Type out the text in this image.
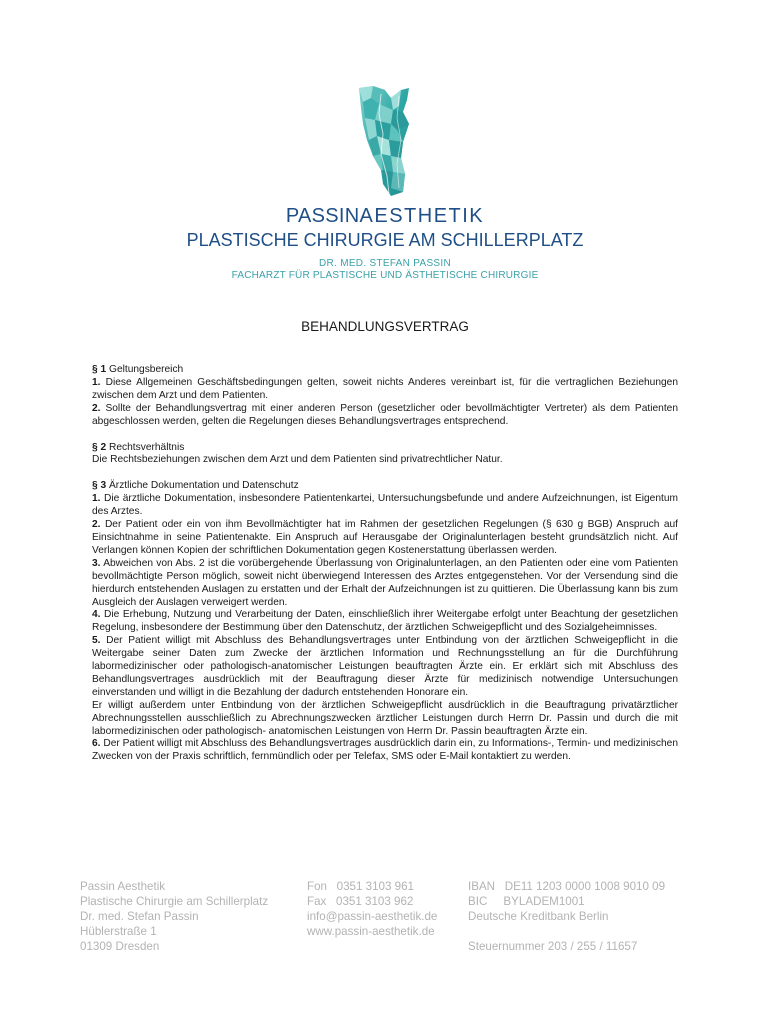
PASSINAESTHETIK
PLASTISCHE CHIRURGIE AM SCHILLERPLATZ
DR. MED. STEFAN PASSIN
FACHARZT FÜR PLASTISCHE UND ÄSTHETISCHE CHIRURGIE
BEHANDLUNGSVERTRAG

§ 1 Geltungsbereich

1. Diese Allgemeinen Geschäftsbedingungen gelten, soweit nichts Anderes vereinbart ist, für die vertraglichen Beziehungen zwischen dem Arzt und dem Patienten.

2. Sollte der Behandlungsvertrag mit einer anderen Person (gesetzlicher oder bevollmächtigter Vertreter) als dem Patienten abgeschlossen werden, gelten die Regelungen dieses Behandlungsvertrages entsprechend.

§ 2 Rechtsverhältnis

Die Rechtsbeziehungen zwischen dem Arzt und dem Patienten sind privatrechtlicher Natur.

§ 3 Ärztliche Dokumentation und Datenschutz

1. Die ärztliche Dokumentation, insbesondere Patientenkartei, Untersuchungsbefunde und andere Aufzeichnungen, ist Eigentum des Arztes.

2. Der Patient oder ein von ihm Bevollmächtigter hat im Rahmen der gesetzlichen Regelungen (§ 630 g BGB) Anspruch auf Einsichtnahme in seine Patientenakte. Ein Anspruch auf Herausgabe der Originalunterlagen besteht grundsätzlich nicht. Auf Verlangen können Kopien der schriftlichen Dokumentation gegen Kostenerstattung überlassen werden.

3. Abweichen von Abs. 2 ist die vorübergehende Überlassung von Originalunterlagen, an den Patienten oder eine vom Patienten bevollmächtigte Person möglich, soweit nicht überwiegend Interessen des Arztes entgegenstehen. Vor der Versendung sind die hierdurch entstehenden Auslagen zu erstatten und der Erhalt der Aufzeichnungen ist zu quittieren. Die Überlassung kann bis zum Ausgleich der Auslagen verweigert werden.

4. Die Erhebung, Nutzung und Verarbeitung der Daten, einschließlich ihrer Weitergabe erfolgt unter Beachtung der gesetzlichen Regelung, insbesondere der Bestimmung über den Datenschutz, der ärztlichen Schweigepflicht und des Sozialgeheimnisses.

5. Der Patient willigt mit Abschluss des Behandlungsvertrages unter Entbindung von der ärztlichen Schweigepflicht in die Weitergabe seiner Daten zum Zwecke der ärztlichen Information und Rechnungsstellung an für die Durchführung labormedizinischer oder pathologisch-anatomischer Leistungen beauftragten Ärzte ein. Er erklärt sich mit Abschluss des Behandlungsvertrages ausdrücklich mit der Beauftragung dieser Ärzte für medizinisch notwendige Untersuchungen einverstanden und willigt in die Bezahlung der dadurch entstehenden Honorare ein.

Er willigt außerdem unter Entbindung von der ärztlichen Schweigepflicht ausdrücklich in die Beauftragung privatärztlicher Abrechnungsstellen ausschließlich zu Abrechnungszwecken ärztlicher Leistungen durch Herrn Dr. Passin und durch die mit labormedizinischen oder pathologisch- anatomischen Leistungen von Herrn Dr. Passin beauftragten Ärzte ein.

6. Der Patient willigt mit Abschluss des Behandlungsvertrages ausdrücklich darin ein, zu Informations-, Termin- und medizinischen Zwecken von der Praxis schriftlich, fernmündlich oder per Telefax, SMS oder E-Mail kontaktiert zu werden.

Passin Aesthetik
Plastische Chirurgie am Schillerplatz
Dr. med. Stefan Passin
Hüblerstraße 1
01309 Dresden
Fon   0351 3103 961
Fax   0351 3103 962
info@passin-aesthetik.de
www.passin-aesthetik.de
IBAN   DE11 1203 0000 1008 9010 09
BIC     BYLADEM1001
Deutsche Kreditbank Berlin
Steuernummer 203 / 255 / 11657
